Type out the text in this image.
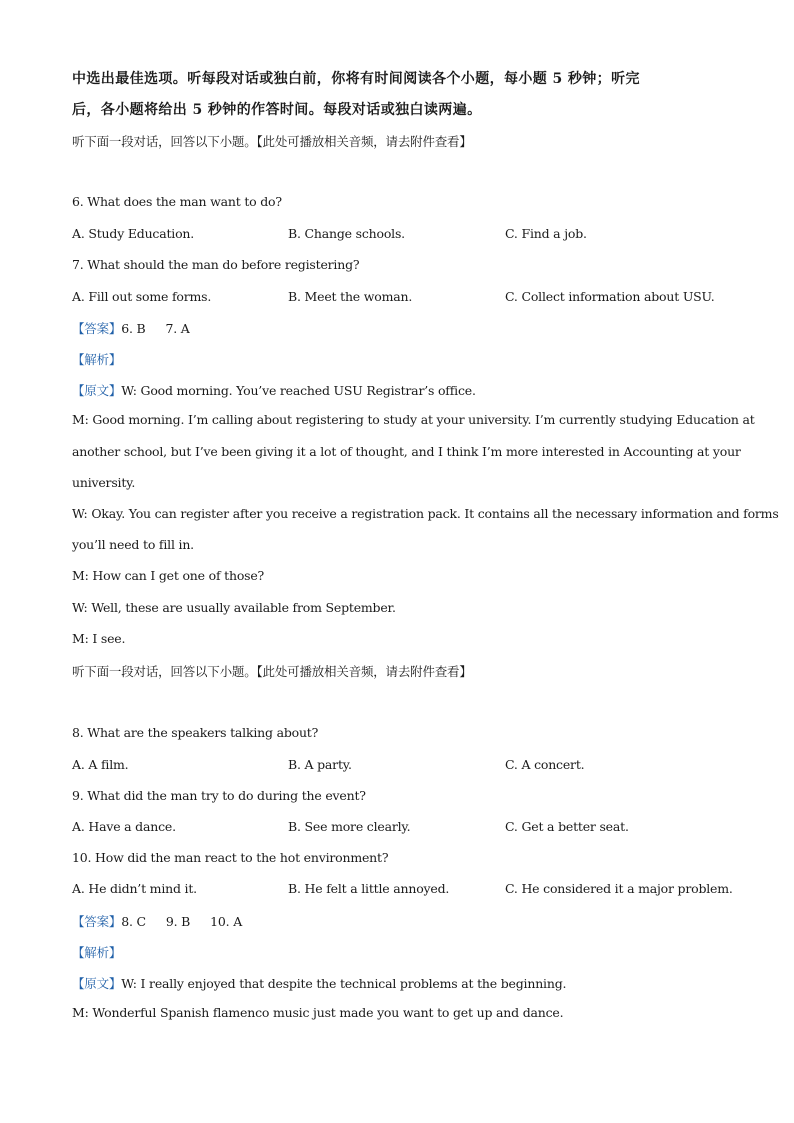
中选出最佳选项。听每段对话或独白前，你将有时间阅读各个小题，每小题 5 秒钟；听完
后，各小题将给出 5 秒钟的作答时间。每段对话或独白读两遍。
听下面一段对话，回答以下小题。【此处可播放相关音频，请去附件查看】
6. What does the man want to do?
A. Study Education.	B. Change schools.	C. Find a job.
7. What should the man do before registering?
A. Fill out some forms.	B. Meet the woman.	C. Collect information about USU.
【答案】6. B 7. A
【解析】
【原文】W: Good morning. You’ve reached USU Registrar’s office.
M: Good morning. I’m calling about registering to study at your university. I’m currently studying Education at
another school, but I’ve been giving it a lot of thought, and I think I’m more interested in Accounting at your
university.
W: Okay. You can register after you receive a registration pack. It contains all the necessary information and forms
you’ll need to fill in.
M: How can I get one of those?
W: Well, these are usually available from September.
M: I see.
听下面一段对话，回答以下小题。【此处可播放相关音频，请去附件查看】
8. What are the speakers talking about?
A. A film.	B. A party.	C. A concert.
9. What did the man try to do during the event?
A. Have a dance.	B. See more clearly.	C. Get a better seat.
10. How did the man react to the hot environment?
A. He didn’t mind it.	B. He felt a little annoyed.	C. He considered it a major problem.
【答案】8. C 9. B 10. A
【解析】
【原文】W: I really enjoyed that despite the technical problems at the beginning.
M: Wonderful Spanish flamenco music just made you want to get up and dance.
